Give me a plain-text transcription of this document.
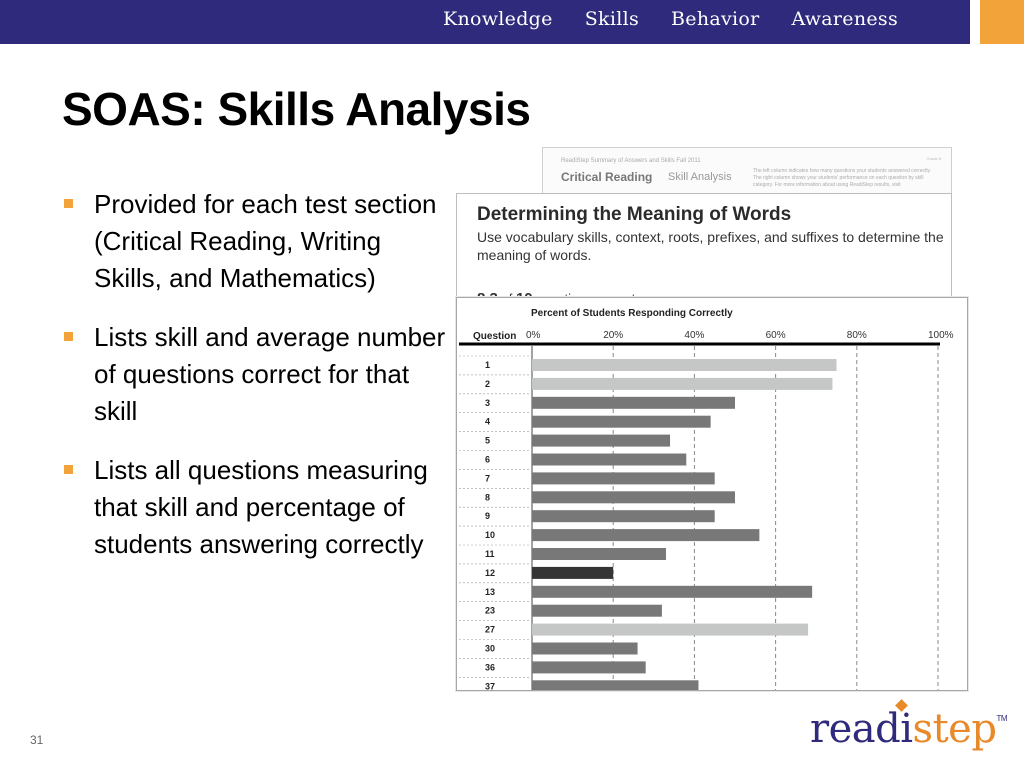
Knowledge Skills Behavior Awareness
SOAS: Skills Analysis
Provided for each test section (Critical Reading, Writing Skills, and Mathematics)
Lists skill and average number of questions correct for that skill
Lists all questions measuring that skill and percentage of students answering correctly
ReadiStep Summary of Answers and Skills Fall 2011	Grade 8
Critical Reading Skill Analysis	The left column indicates how many questions your students answered correctly. The right column shows your students' performance on each question by skill category. For more information about using ReadiStep results, visit
Determining the Meaning of Words
Use vocabulary skills, context, roots, prefixes, and suffixes to determine the meaning of words.
Percent of Students Responding Correctly
Question 0%	20%	40%	60%	80%	100%
1
2
3
4
5
6
7
8
9
10
11
12
13
23
27
30
36
37
31	readistep™
